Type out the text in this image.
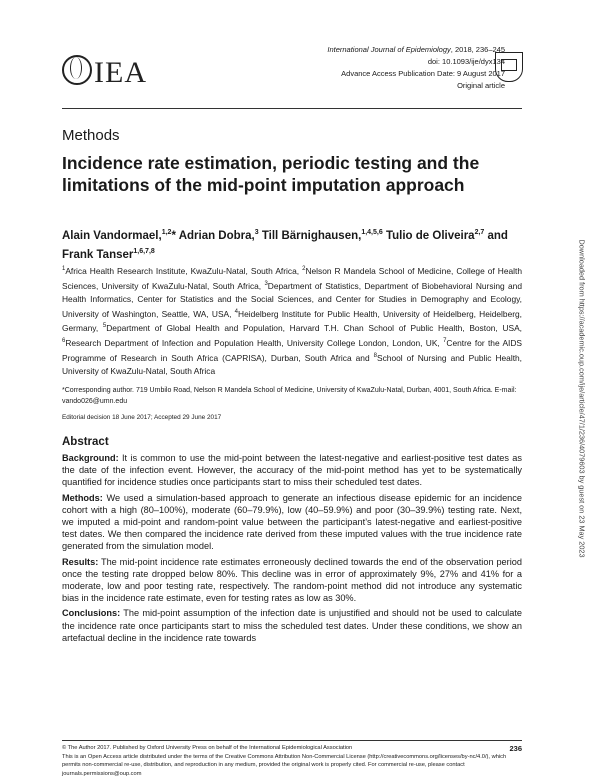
IEA
International Journal of Epidemiology, 2018, 236–245
doi: 10.1093/ije/dyx134
Advance Access Publication Date: 9 August 2017
Original article
Methods
Incidence rate estimation, periodic testing and the limitations of the mid-point imputation approach
Alain Vandormael,$^{1,2}$* Adrian Dobra,$^3$ Till Bärnighausen,$^{1,4,5,6}$ Tulio de Oliveira$^{2,7}$ and Frank Tanser$^{1,6,7,8}$
$^1$Africa Health Research Institute, KwaZulu-Natal, South Africa, $^2$Nelson R Mandela School of Medicine, College of Health Sciences, University of KwaZulu-Natal, South Africa, $^3$Department of Statistics, Department of Biobehavioral Nursing and Health Informatics, Center for Statistics and the Social Sciences, and Center for Studies in Demography and Ecology, University of Washington, Seattle, WA, USA, $^4$Heidelberg Institute for Public Health, University of Heidelberg, Heidelberg, Germany, $^5$Department of Global Health and Population, Harvard T.H. Chan School of Public Health, Boston, USA, $^6$Research Department of Infection and Population Health, University College London, London, UK, $^7$Centre for the AIDS Programme of Research in South Africa (CAPRISA), Durban, South Africa and $^8$School of Nursing and Public Health, University of KwaZulu-Natal, South Africa
*Corresponding author. 719 Umbilo Road, Nelson R Mandela School of Medicine, University of KwaZulu-Natal, Durban, 4001, South Africa. E-mail: vando026@umn.edu
Editorial decision 18 June 2017; Accepted 29 June 2017
Abstract

Background: It is common to use the mid-point between the latest-negative and earliest-positive test dates as the date of the infection event. However, the accuracy of the mid-point method has yet to be systematically quantified for incidence studies once participants start to miss their scheduled test dates.

Methods: We used a simulation-based approach to generate an infectious disease epidemic for an incidence cohort with a high (80–100%), moderate (60–79.9%), low (40–59.9%) and poor (30–39.9%) testing rate. Next, we imputed a mid-point and random-point value between the participant’s latest-negative and earliest-positive test dates. We then compared the incidence rate derived from these imputed values with the true incidence rate generated from the simulation model.

Results: The mid-point incidence rate estimates erroneously declined towards the end of the observation period once the testing rate dropped below 80%. This decline was in error of approximately 9%, 27% and 41% for a moderate, low and poor testing rate, respectively. The random-point method did not introduce any systematic bias in the incidence rate estimate, even for testing rates as low as 30%.

Conclusions: The mid-point assumption of the infection date is unjustified and should not be used to calculate the incidence rate once participants start to miss the scheduled test dates. Under these conditions, we show an artefactual decline in the incidence rate towards

© The Author 2017. Published by Oxford University Press on behalf of the International Epidemiological Association
This is an Open Access article distributed under the terms of the Creative Commons Attribution Non-Commercial License (http://creativecommons.org/licenses/by-nc/4.0/), which permits non-commercial re-use, distribution, and reproduction in any medium, provided the original work is properly cited. For commercial re-use, please contact journals.permissions@oup.com
236
Downloaded from https://academic.oup.com/ije/article/47/1/236/4079603 by guest on 23 May 2023
